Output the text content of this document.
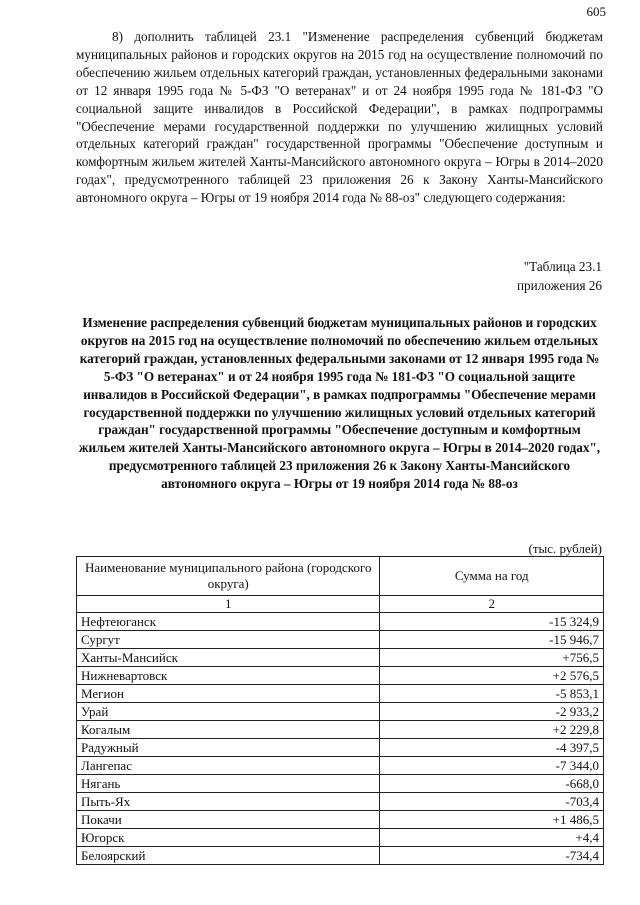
605

8) дополнить таблицей 23.1 "Изменение распределения субвенций бюджетам муниципальных районов и городских округов на 2015 год на осуществление полномочий по обеспечению жильем отдельных категорий граждан, установленных федеральными законами от 12 января 1995 года № 5-ФЗ "О ветеранах" и от 24 ноября 1995 года № 181-ФЗ "О социальной защите инвалидов в Российской Федерации", в рамках подпрограммы "Обеспечение мерами государственной поддержки по улучшению жилищных условий отдельных категорий граждан" государственной программы "Обеспечение доступным и комфортным жильем жителей Ханты-Мансийского автономного округа – Югры в 2014–2020 годах", предусмотренного таблицей 23 приложения 26 к Закону Ханты-Мансийского автономного округа – Югры от 19 ноября 2014 года № 88-оз" следующего содержания:

"Таблица 23.1
приложения 26

Изменение распределения субвенций бюджетам муниципальных районов и городских округов на 2015 год на осуществление полномочий по обеспечению жильем отдельных категорий граждан, установленных федеральными законами от 12 января 1995 года № 5-ФЗ "О ветеранах" и от 24 ноября 1995 года № 181-ФЗ "О социальной защите инвалидов в Российской Федерации", в рамках подпрограммы "Обеспечение мерами государственной поддержки по улучшению жилищных условий отдельных категорий граждан" государственной программы "Обеспечение доступным и комфортным жильем жителей Ханты-Мансийского автономного округа – Югры в 2014–2020 годах", предусмотренного таблицей 23 приложения 26 к Закону Ханты-Мансийского автономного округа – Югры от 19 ноября 2014 года № 88-оз

(тыс. рублей)
Наименование муниципального района (городского округа)	Сумма на год
1	2
Нефтеюганск	-15 324,9
Сургут	-15 946,7
Ханты-Мансийск	+756,5
Нижневартовск	+2 576,5
Мегион	-5 853,1
Урай	-2 933,2
Когалым	+2 229,8
Радужный	-4 397,5
Лангепас	-7 344,0
Нягань	-668,0
Пыть-Ях	-703,4
Покачи	+1 486,5
Югорск	+4,4
Белоярский	-734,4
